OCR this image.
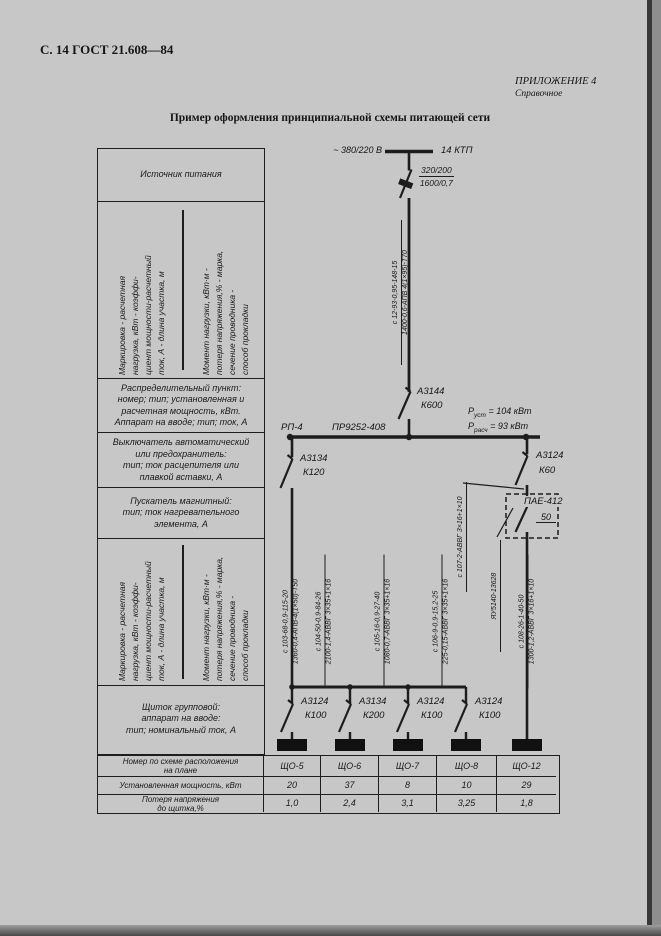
С. 14 ГОСТ 21.608—84
ПРИЛОЖЕНИЕ 4
Справочное
Пример оформления принципиальной схемы питающей сети
Источник питания
Маркировка - расчетная нагрузка, кВт - коэффи- циент мощности-расчетный ток, А - длина участка, м	Момент нагрузки, кВт·м - потеря напряжения,% - марка, сечение проводника - способ прокладки
Распределительный пункт:
номер; тип; установленная и
расчетная мощность, кВт.
Аппарат на вводе; тип; ток, А
Выключатель автоматический
или предохранитель:
тип; ток расцепителя или
плавкой вставки, А
Пускатель магнитный:
тип; ток нагревательного
элемента, А
Маркировка - расчетная нагрузка, кВт - коэффи- циент мощности-расчетный ток, А - длина участка, м	Момент нагрузки, кВт·м - потеря напряжения,% - марка, сечение проводника - способ прокладки
Щиток групповой:
аппарат на вводе:
тип; номинальный ток, А
~ 380/220 В	14 КТП
$\frac{320/200}{1600/0,7}$
с 12-93-0,95-148-15 1400-0,6-АПВ 4(1×95)-Т70
А3144
К600
РП-4	ПР9252-408
$Р_{уст} = 104$ кВт
$Р_{расч} = 93$ кВт
А3134
К120
А3124
К60
ПАЕ-412
50
с 107-2-АВВГ 3×16+1×10
ЯУ5140-13628
с 103-68-0,9-115-20 1360-0,4-АПВ-4(1×50)-Т50 с 104-50-0,9-84-26 2100-1,4-АВВГ 3×35+1×16	с 105-16-0,9-27-40 1080-0,7-АВВГ 3×35+1×16	с 106-9-0,9-15,2-25 225-0,15-АВВГ 3×35+1×16	с 108-26-1-40-50 1300-1,2-АВВГ 3×16+1×10
А3124
К100
А3134
К200
А3124
К100
А3124
К100
Номер по схеме расположения
на плане	ЩО-5	ЩО-6	ЩО-7	ЩО-8	ЩО-12
Установленная мощность, кВт	20	37	8	10	29
Потеря напряжения
до щитка,%	1,0	2,4	3,1	3,25	1,8
